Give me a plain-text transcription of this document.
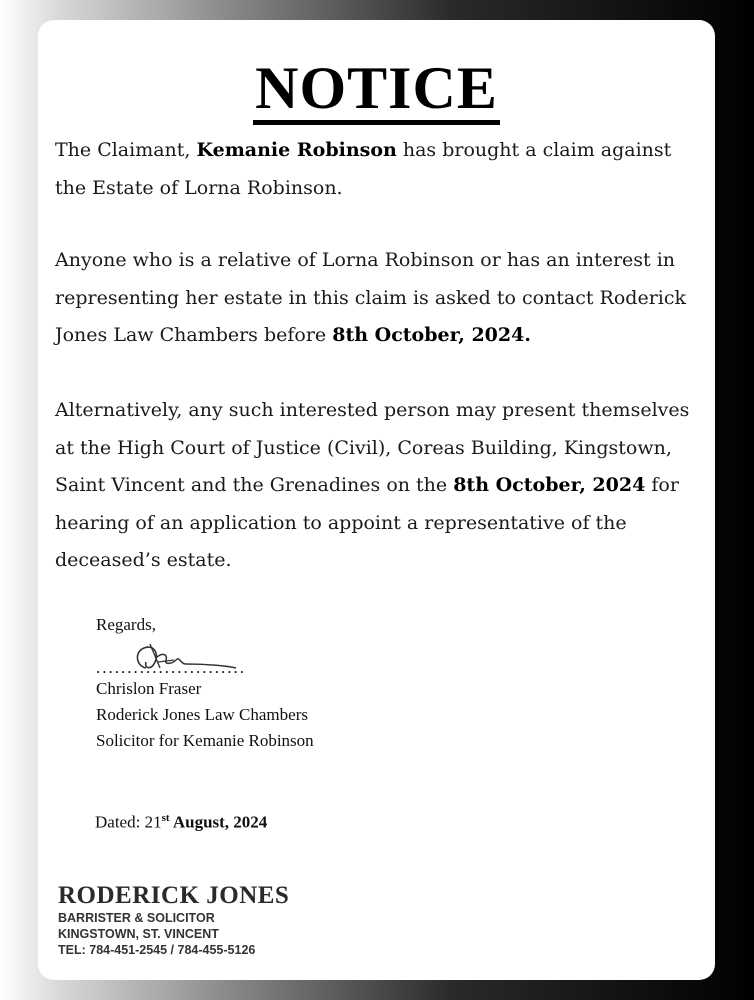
NOTICE

The Claimant, Kemanie Robinson has brought a claim against the Estate of Lorna Robinson.

Anyone who is a relative of Lorna Robinson or has an interest in representing her estate in this claim is asked to contact Roderick Jones Law Chambers before 8th October, 2024.

Alternatively, any such interested person may present themselves at the High Court of Justice (Civil), Coreas Building, Kingstown, Saint Vincent and the Grenadines on the 8th October, 2024 for hearing of an application to appoint a representative of the deceased’s estate.

Regards,
........................
Chrislon Fraser
Roderick Jones Law Chambers
Solicitor for Kemanie Robinson
Dated: 21st August, 2024
RODERICK JONES
BARRISTER & SOLICITOR
KINGSTOWN, ST. VINCENT
TEL: 784-451-2545 / 784-455-5126
